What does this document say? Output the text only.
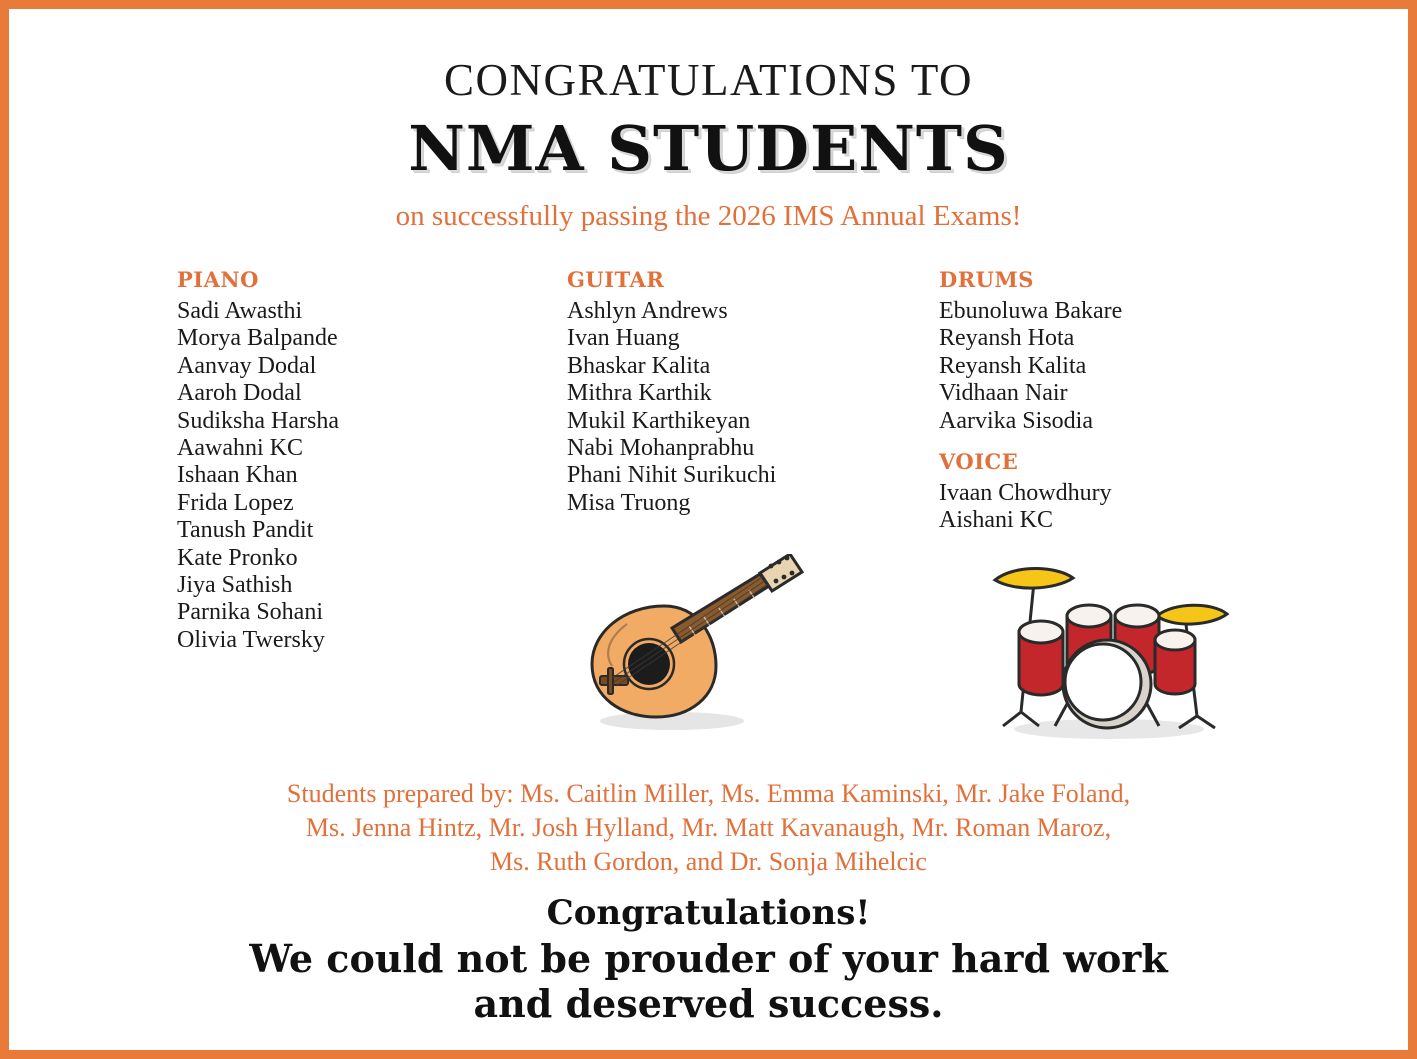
CONGRATULATIONS TO
NMA STUDENTS
on successfully passing the 2026 IMS Annual Exams!
PIANO
Sadi Awasthi
Morya Balpande
Aanvay Dodal
Aaroh Dodal
Sudiksha Harsha
Aawahni KC
Ishaan Khan
Frida Lopez
Tanush Pandit
Kate Pronko
Jiya Sathish
Parnika Sohani
Olivia Twersky
GUITAR
Ashlyn Andrews
Ivan Huang
Bhaskar Kalita
Mithra Karthik
Mukil Karthikeyan
Nabi Mohanprabhu
Phani Nihit Surikuchi
Misa Truong
DRUMS
Ebunoluwa Bakare
Reyansh Hota
Reyansh Kalita
Vidhaan Nair
Aarvika Sisodia
VOICE
Ivaan Chowdhury
Aishani KC
Students prepared by: Ms. Caitlin Miller, Ms. Emma Kaminski, Mr. Jake Foland,
Ms. Jenna Hintz, Mr. Josh Hylland, Mr. Matt Kavanaugh, Mr. Roman Maroz,
Ms. Ruth Gordon, and Dr. Sonja Mihelcic
Congratulations!
We could not be prouder of your hard work
and deserved success.
